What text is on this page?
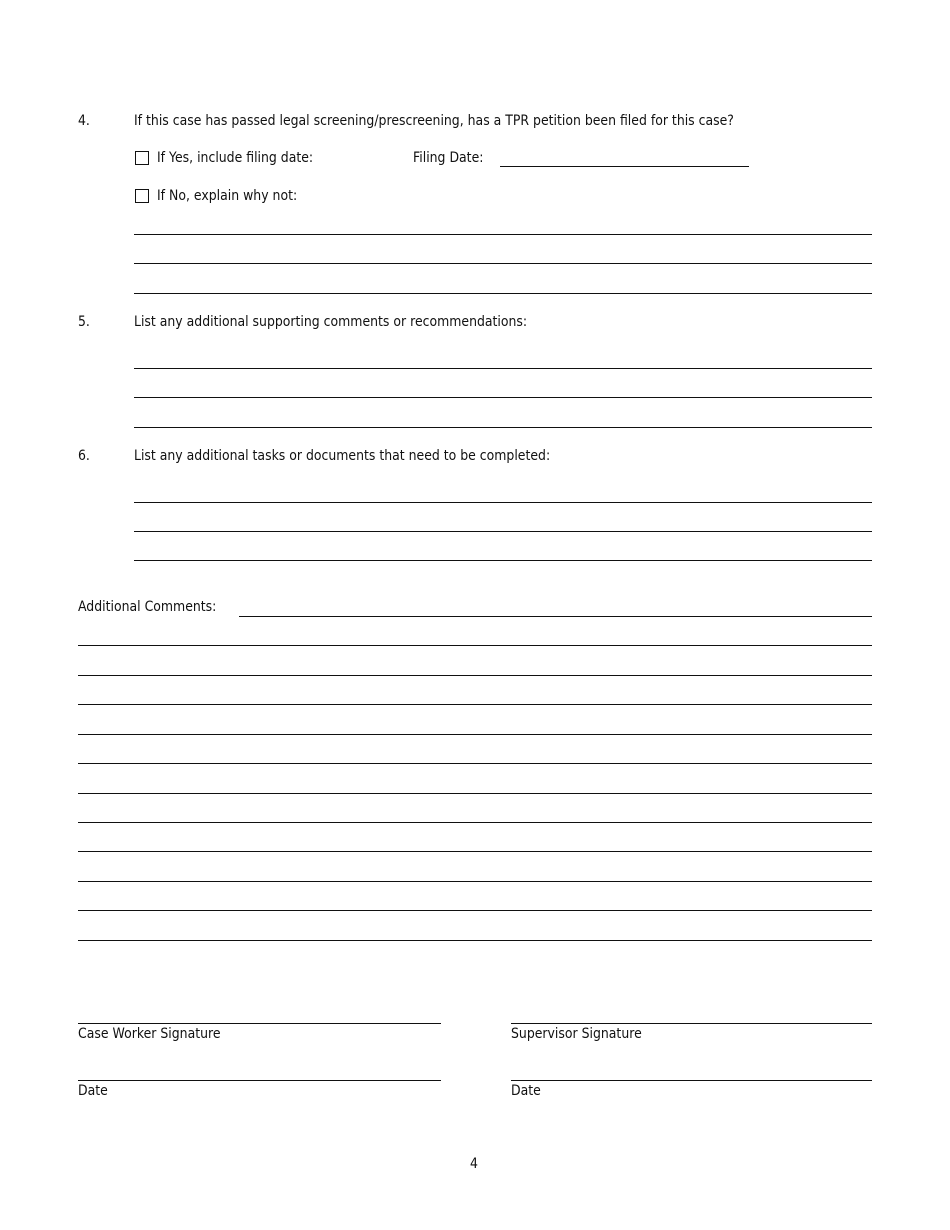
4.	If this case has passed legal screening/prescreening, has a TPR petition been filed for this case?
If Yes, include filing date:	Filing Date:
If No, explain why not:
5.	List any additional supporting comments or recommendations:
6.	List any additional tasks or documents that need to be completed:
Additional Comments:
Case Worker Signature	Supervisor Signature
Date	Date
4
